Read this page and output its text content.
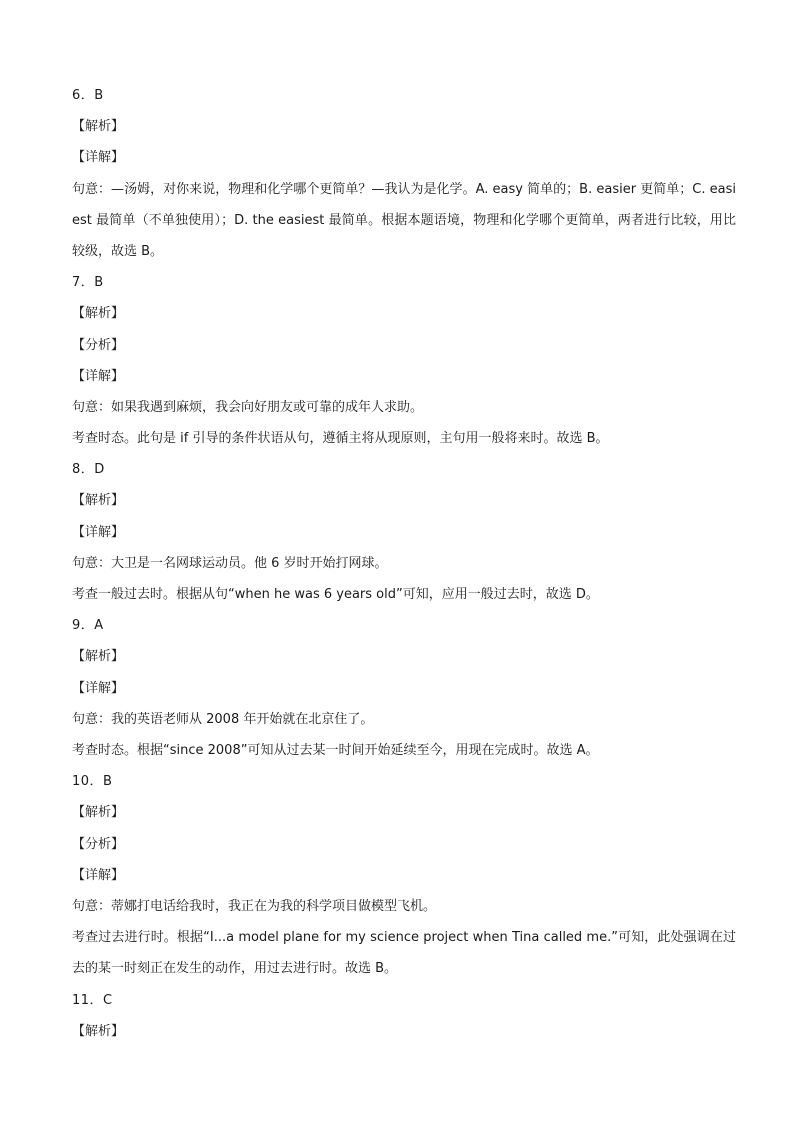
6．B
【解析】
【详解】
句意：—汤姆，对你来说，物理和化学哪个更简单？—我认为是化学。A. easy 简单的；B. easier 更简单；C. easiest 最简单（不单独使用）；D. the easiest 最简单。根据本题语境，物理和化学哪个更简单，两者进行比较，用比较级，故选 B。
7．B
【解析】
【分析】
【详解】
句意：如果我遇到麻烦，我会向好朋友或可靠的成年人求助。
考查时态。此句是 if 引导的条件状语从句，遵循主将从现原则，主句用一般将来时。故选 B。
8．D
【解析】
【详解】
句意：大卫是一名网球运动员。他 6 岁时开始打网球。
考查一般过去时。根据从句“when he was 6 years old”可知，应用一般过去时，故选 D。
9．A
【解析】
【详解】
句意：我的英语老师从 2008 年开始就在北京住了。
考查时态。根据“since 2008”可知从过去某一时间开始延续至今，用现在完成时。故选 A。
10．B
【解析】
【分析】
【详解】
句意：蒂娜打电话给我时，我正在为我的科学项目做模型飞机。
考查过去进行时。根据“I...a model plane for my science project when Tina called me.”可知，此处强调在过去的某一时刻正在发生的动作，用过去进行时。故选 B。
11．C
【解析】
